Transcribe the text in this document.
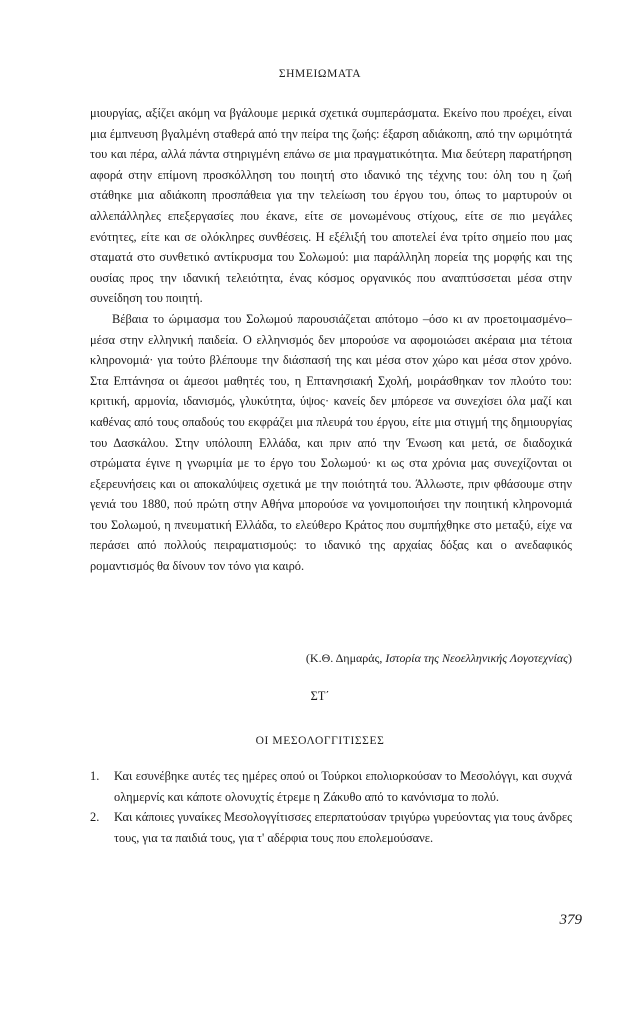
ΣΗΜΕΙΩΜΑΤΑ

μιουργίας, αξίζει ακόμη να βγάλουμε μερικά σχετικά συμπεράσματα. Εκείνο που προέχει, είναι μια έμπνευση βγαλμένη σταθερά από την πείρα της ζωής: έξαρση αδιάκοπη, από την ωριμότητά του και πέρα, αλλά πάντα στηριγμένη επάνω σε μια πραγματικότητα. Μια δεύτερη παρατήρηση αφορά στην επίμονη προσκόλληση του ποιητή στο ιδανικό της τέχνης του: όλη του η ζωή στάθηκε μια αδιάκοπη προσπάθεια για την τελείωση του έργου του, όπως το μαρτυρούν οι αλλεπάλληλες επεξεργασίες που έκανε, είτε σε μονωμένους στίχους, είτε σε πιο μεγάλες ενότητες, είτε και σε ολόκληρες συνθέσεις. Η εξέλιξή του αποτελεί ένα τρίτο σημείο που μας σταματά στο συνθετικό αντίκρυσμα του Σολωμού: μια παράλληλη πορεία της μορφής και της ουσίας προς την ιδανική τελειότητα, ένας κόσμος οργανικός που αναπτύσσεται μέσα στην συνείδηση του ποιητή.

Βέβαια το ώριμασμα του Σολωμού παρουσιάζεται απότομο –όσο κι αν προετοιμασμένο– μέσα στην ελληνική παιδεία. Ο ελληνισμός δεν μπορούσε να αφομοιώσει ακέραια μια τέτοια κληρονομιά· για τούτο βλέπουμε την διάσπασή της και μέσα στον χώρο και μέσα στον χρόνο. Στα Επτάνησα οι άμεσοι μαθητές του, η Επτανησιακή Σχολή, μοιράσθηκαν τον πλούτο του: κριτική, αρμονία, ιδανισμός, γλυκύτητα, ύψος· κανείς δεν μπόρεσε να συνεχίσει όλα μαζί και καθένας από τους οπαδούς του εκφράζει μια πλευρά του έργου, είτε μια στιγμή της δημιουργίας του Δασκάλου. Στην υπόλοιπη Ελλάδα, και πριν από την Ένωση και μετά, σε διαδοχικά στρώματα έγινε η γνωριμία με το έργο του Σολωμού· κι ως στα χρόνια μας συνεχίζονται οι εξερευνήσεις και οι αποκαλύψεις σχετικά με την ποιότητά του. Άλλωστε, πριν φθάσουμε στην γενιά του 1880, πού πρώτη στην Αθήνα μπορούσε να γονιμοποιήσει την ποιητική κληρονομιά του Σολωμού, η πνευματική Ελλάδα, το ελεύθερο Κράτος που συμπήχθηκε στο μεταξύ, είχε να περάσει από πολλούς πειραματισμούς: το ιδανικό της αρχαίας δόξας και ο ανεδαφικός ρομαντισμός θα δίνουν τον τόνο για καιρό.

(Κ.Θ. Δημαράς, Ιστορία της Νεοελληνικής Λογοτεχνίας)
ΣΤ΄
ΟΙ ΜΕΣΟΛΟΓΓΙΤΙΣΣΕΣ
1. Και εσυνέβηκε αυτές τες ημέρες οπού οι Τούρκοι επολιορκούσαν το Μεσολόγγι, και συχνά ολημερνίς και κάποτε ολονυχτίς έτρεμε η Ζάκυθο από το κανόνισμα το πολύ.
2. Και κάποιες γυναίκες Μεσολογγίτισσες επερπατούσαν τριγύρω γυρεύοντας για τους άνδρες τους, για τα παιδιά τους, για τ' αδέρφια τους που επολεμούσανε.
379
